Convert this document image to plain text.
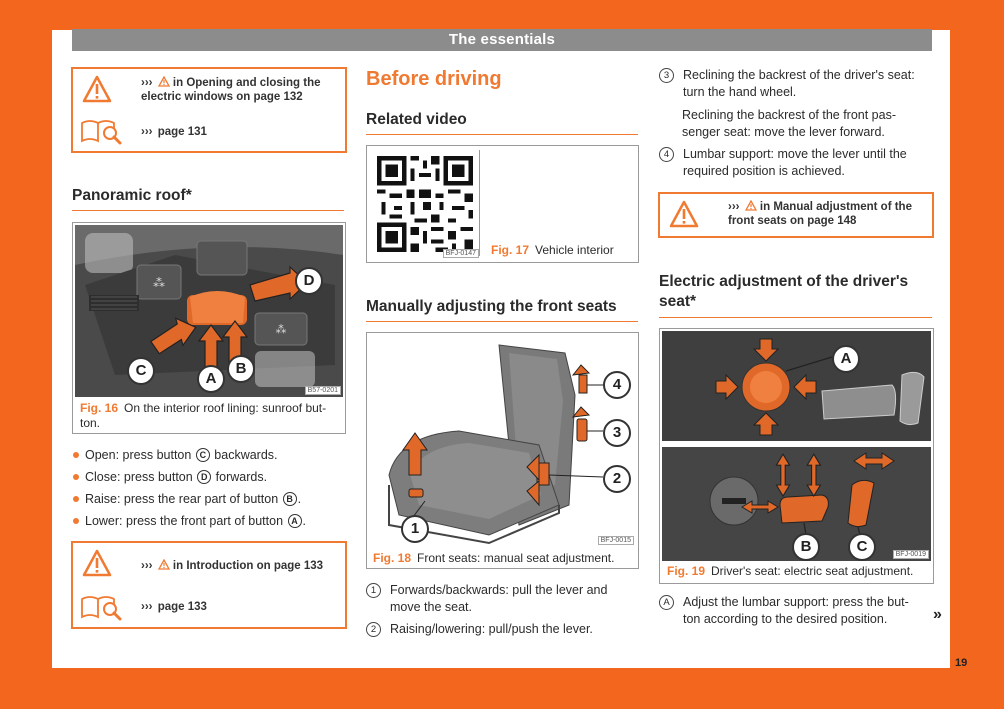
The essentials
››› in Opening and closing the
electric windows on page 132
››› page 131
Panoramic roof*
⁂
⁂
D
C	A
B
B57-0201
Fig. 16 On the interior roof lining: sunroof but-
ton.
Open: press button
C
backwards.
Close: press button
D
forwards.
Raise: press the rear part of button
B .
Lower: press the front part of button
A .
››› in Introduction on page 133
››› page 133
Before driving
Related video
BFJ-0147 Fig. 17 Vehicle interior
Manually adjusting the front seats
4
3
2
1
BFJ-0015
Fig. 18 Front seats: manual seat adjustment.
1	Forwards/backwards: pull the lever and
move the seat.
2	Raising/lowering: pull/push the lever.
3	Reclining the backrest of the driver's seat:
turn the hand wheel.
Reclining the backrest of the front pas-
senger seat: move the lever forward.
4	Lumbar support: move the lever until the
required position is achieved.
››› in Manual adjustment of the
front seats on page 148
Electric adjustment of the driver's
seat*
A
B	C	BFJ-0019
Fig. 19 Driver's seat: electric seat adjustment.
A	Adjust the lumbar support: press the but-
ton according to the desired position.	»
19
